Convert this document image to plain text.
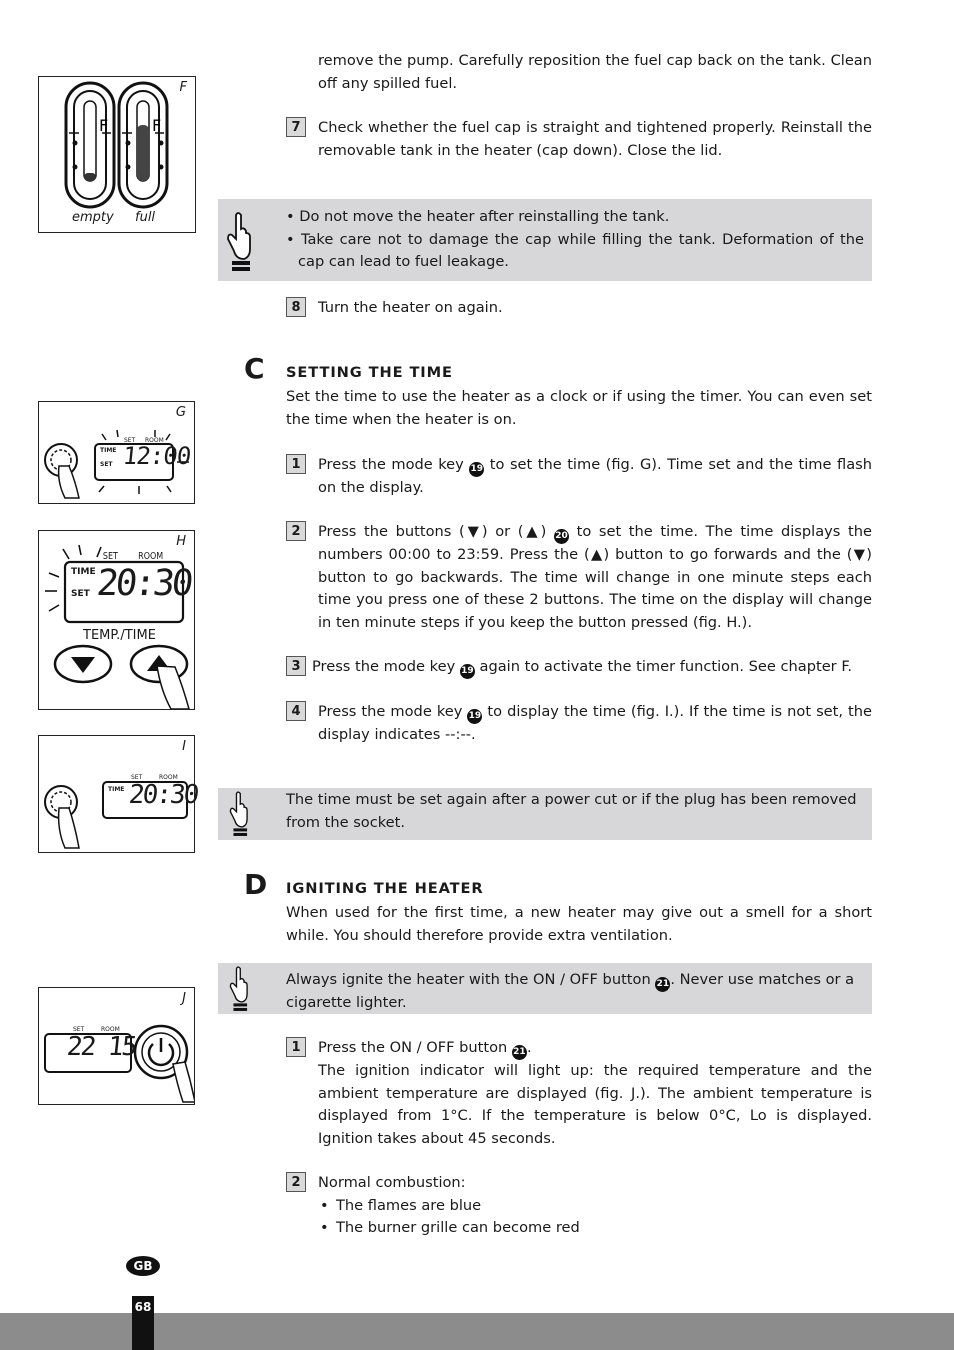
F
F	F
empty full
G
SET ROOM
TIME
SET 12:00
H
SET ROOM
TIME
SET 20:30
TEMP./TIME
I
SET	ROOM
TIME 20:30
J
SET	ROOM
22 15
remove the pump. Carefully reposition the fuel cap back on the tank. Clean off any spilled fuel.
7	Check whether the fuel cap is straight and tightened properly. Reinstall the removable tank in the heater (cap down). Close the lid.
• Do not move the heater after reinstalling the tank.
• Take care not to damage the cap while filling the tank. Deformation of the cap can lead to fuel leakage.
8	Turn the heater on again.
C SETTING THE TIME
Set the time to use the heater as a clock or if using the timer. You can even set the time when the heater is on.
1	Press the mode key 19 to set the time (fig. G). Time set and the time flash on the display.
2	Press the buttons (▼) or (▲) 20 to set the time. The time displays the numbers 00:00 to 23:59. Press the (▲) button to go forwards and the (▼) button to go backwards. The time will change in one minute steps each time you press one of these 2 buttons. The time on the display will change in ten minute steps if you keep the button pressed (fig. H.).
3 Press the mode key 19 again to activate the timer function. See chapter F.
4	Press the mode key 19 to display the time (fig. I.). If the time is not set, the display indicates --:--.
The time must be set again after a power cut or if the plug has been removed from the socket.
D IGNITING THE HEATER
When used for the first time, a new heater may give out a smell for a short while. You should therefore provide extra ventilation.
Always ignite the heater with the ON / OFF button 21. Never use matches or a cigarette lighter.
1	Press the ON / OFF button 21.
The ignition indicator will light up: the required temperature and the ambient temperature are displayed (fig. J.). The ambient temperature is displayed from 1°C. If the temperature is below 0°C, Lo is displayed. Ignition takes about 45 seconds.
2	Normal combustion:
• The flames are blue
• The burner grille can become red
GB
68
